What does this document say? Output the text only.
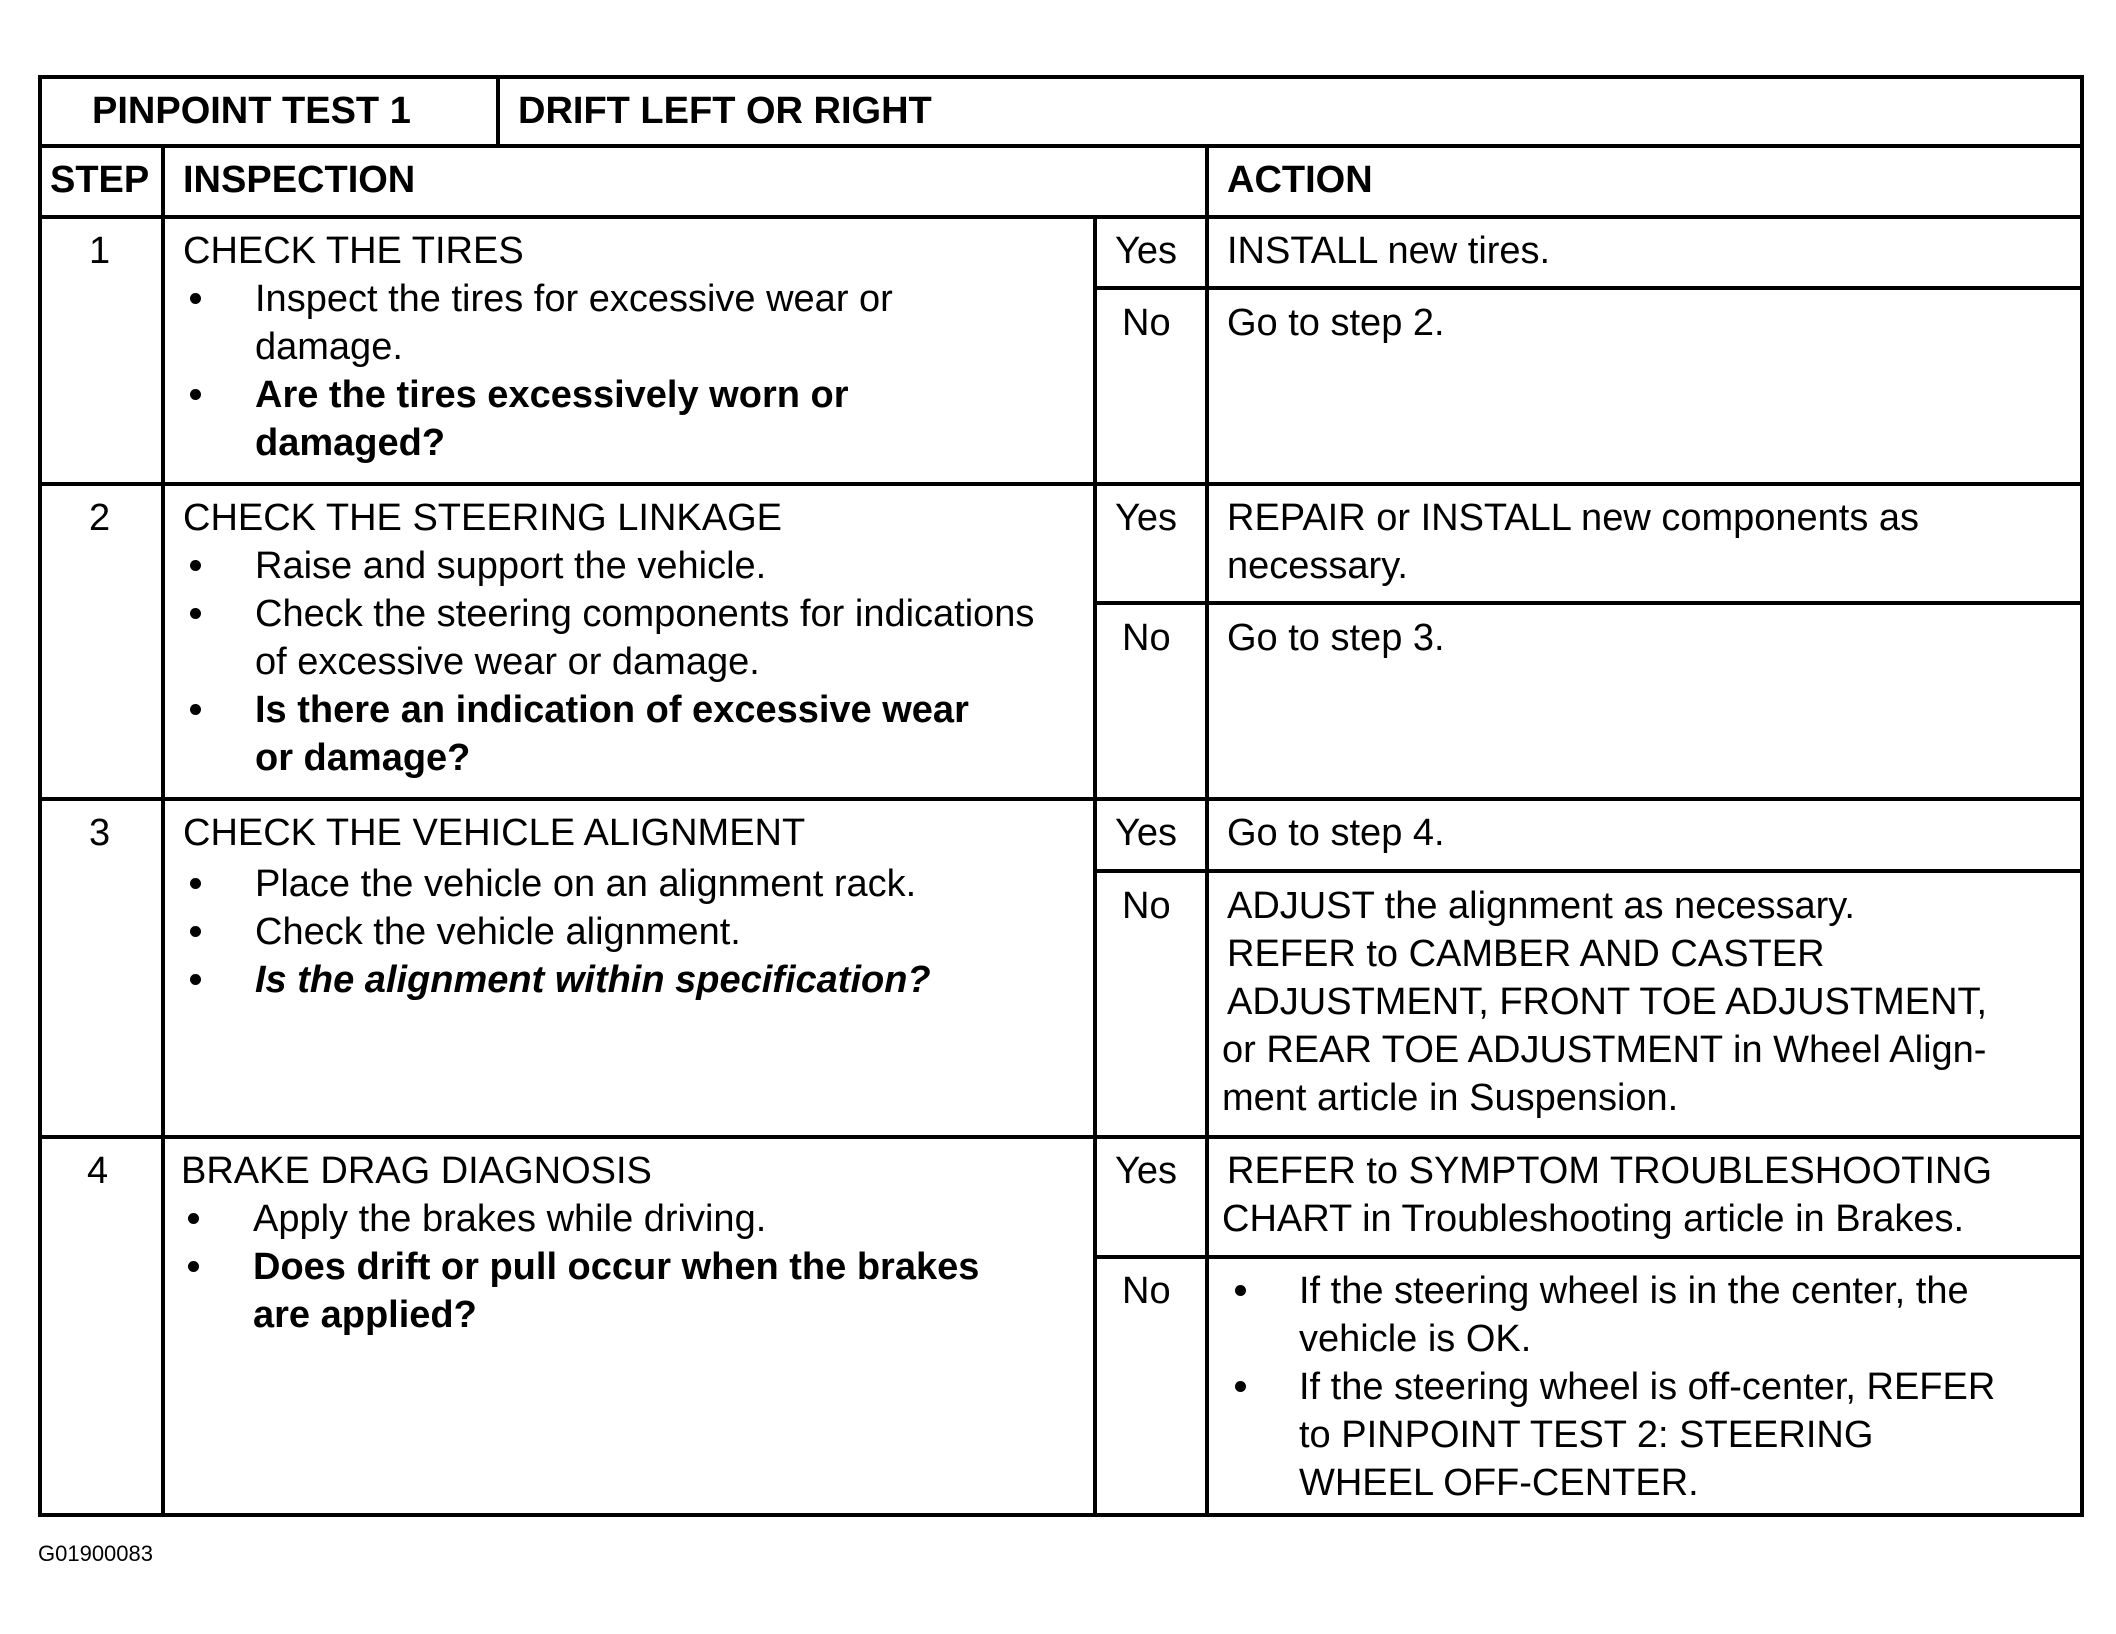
PINPOINT TEST 1	DRIFT LEFT OR RIGHT
STEP INSPECTION	ACTION
1 CHECK THE TIRES
Inspect the tires for excessive wear or
damage.
Are the tires excessively worn or
damaged?
Yes INSTALL new tires.
No Go to step 2.
2 CHECK THE STEERING LINKAGE
Raise and support the vehicle.
Check the steering components for indications
of excessive wear or damage.
Is there an indication of excessive wear
or damage?
Yes REPAIR or INSTALL new components as
necessary.
No Go to step 3.
3 CHECK THE VEHICLE ALIGNMENT
Place the vehicle on an alignment rack.
Check the vehicle alignment.
Is the alignment within specification?
Yes Go to step 4.
No ADJUST the alignment as necessary.
REFER to CAMBER AND CASTER
ADJUSTMENT, FRONT TOE ADJUSTMENT,
or REAR TOE ADJUSTMENT in Wheel Align-
ment article in Suspension.
4 BRAKE DRAG DIAGNOSIS
Apply the brakes while driving.
Does drift or pull occur when the brakes
are applied?
Yes REFER to SYMPTOM TROUBLESHOOTING
CHART in Troubleshooting article in Brakes.
No	If the steering wheel is in the center, the
vehicle is OK.
If the steering wheel is off-center, REFER
to PINPOINT TEST 2: STEERING
WHEEL OFF-CENTER.
G01900083
